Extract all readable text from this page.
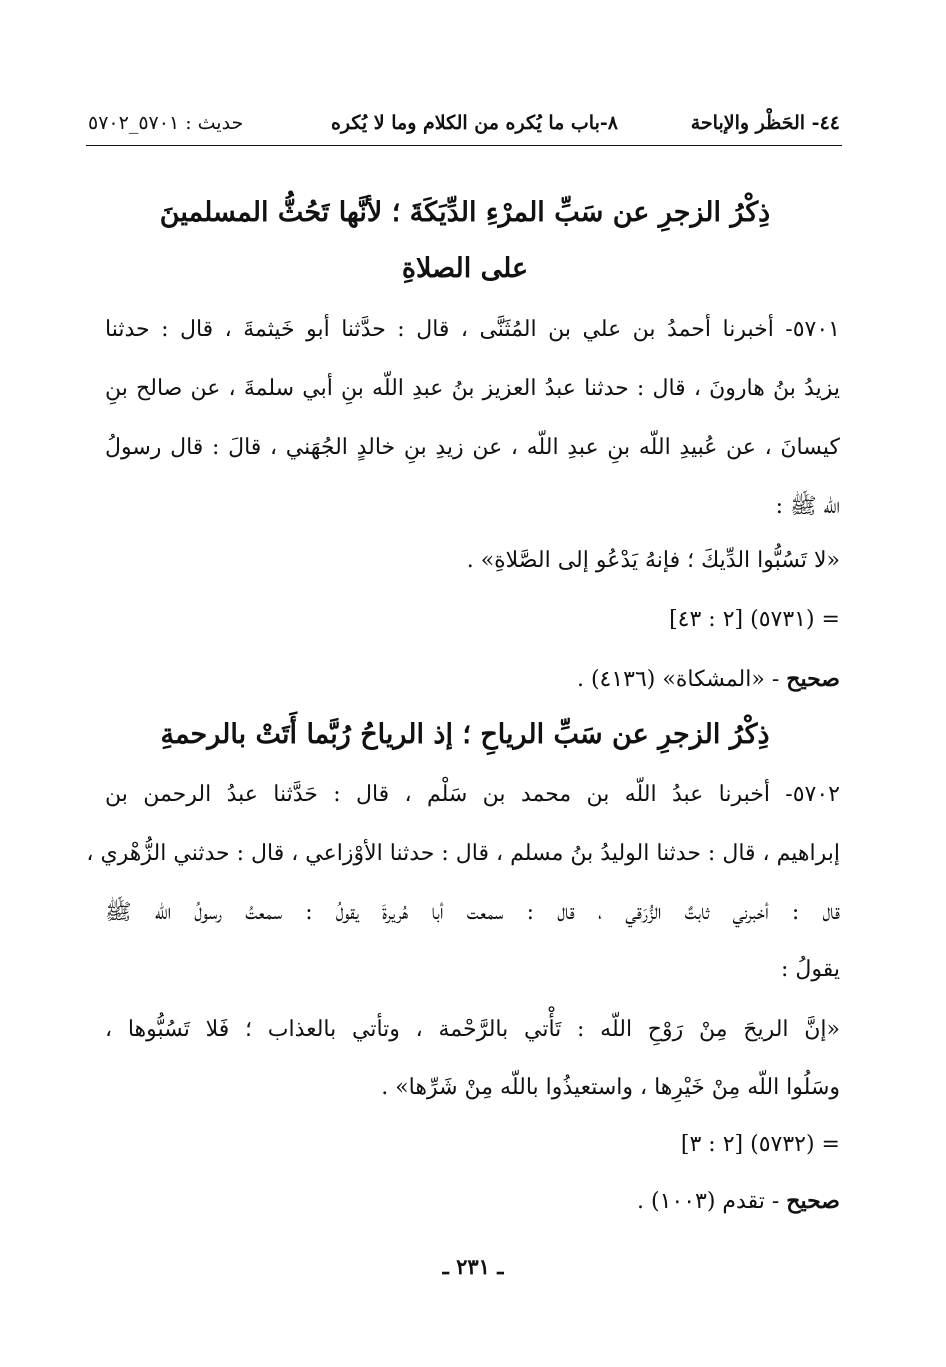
٤٤- الحَظْر والإباحة
٨-باب ما يُكره من الكلام وما لا يُكره
حديث : ٥٧٠١_٥٧٠٢
ذِكْرُ الزجرِ عن سَبِّ المرْءِ الدِّيَكَةَ ؛ لأنَّها تَحُثُّ المسلمينَ
على الصلاةِ
٥٧٠١- أخبرنا أحمدُ بن علي بن المُثَنَّى ، قال : حدَّثنا أبو خَيثمةَ ، قال : حدثنا
يزيدُ بنُ هارونَ ، قال : حدثنا عبدُ العزيز بنُ عبدِ اللّه بنِ أبي سلمةَ ، عن صالح بنِ
كيسانَ ، عن عُبيدِ اللّه بنِ عبدِ اللّه ، عن زيدِ بنِ خالدٍ الجُهَني ، قالَ : قال رسولُ
اللّه ﷺ :
«لا تَسُبُّوا الدِّيكَ ؛ فإنهُ يَدْعُو إلى الصَّلاةِ» .
= (٥٧٣١) [٢ : ٤٣]
صحيح - «المشكاة» (٤١٣٦) .
ذِكْرُ الزجرِ عن سَبِّ الرياحِ ؛ إذ الرياحُ رُبَّما أَتَتْ بالرحمةِ
٥٧٠٢- أخبرنا عبدُ اللّه بن محمد بن سَلْم ، قال : حَدَّثنا عبدُ الرحمن بن
إبراهيم ، قال : حدثنا الوليدُ بنُ مسلم ، قال : حدثنا الأوْزاعي ، قال : حدثني الزُّهْري ،
قال : أخبرني ثابتٌ الزُّرَقي ، قال : سمعت أبا هُريرةَ يقولُ : سمعتُ رسولُ اللّه ﷺ
يقولُ :
«إنَّ الريحَ مِنْ رَوْحِ اللّه : تَأْتي بالرَّحْمة ، وتأتي بالعذاب ؛ فَلا تَسُبُّوها ،
وسَلُوا اللّه مِنْ خَيْرِها ، واستعيذُوا باللّه مِنْ شَرِّها» .
= (٥٧٣٢) [٢ : ٣]
صحيح - تقدم (١٠٠٣) .
ـ ٢٣١ ـ
